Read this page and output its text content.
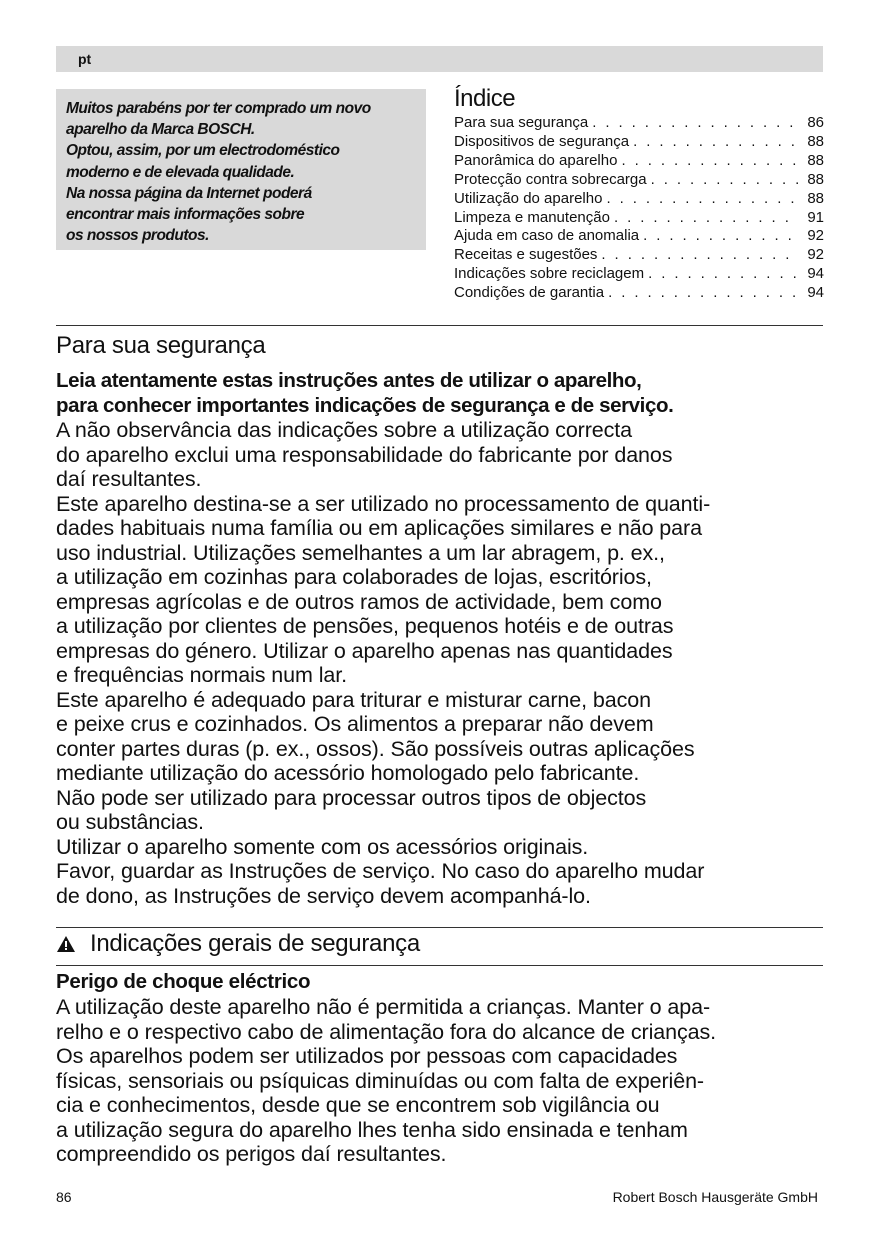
pt

Muitos parabéns por ter comprado um novo

aparelho da Marca BOSCH.

Optou, assim, por um electrodoméstico

moderno e de elevada qualidade.

Na nossa página da Internet poderá

encontrar mais informações sobre

os nossos produtos.

Índice
Para sua segurança . . .	86
Dispositivos de segurança . . .	88
Panorâmica do aparelho . . .	88
Protecção contra sobrecarga . . .	88
Utilização do aparelho . . .	88
Limpeza e manutenção . . .	91
Ajuda em caso de anomalia . . .	92
Receitas e sugestões . . .	92
Indicações sobre reciclagem . . .	94
Condições de garantia . . .	94
Para sua segurança

Leia atentamente estas instruções antes de utilizar o aparelho,
para conhecer importantes indicações de segurança e de serviço.

A não observância das indicações sobre a utilização correcta
do aparelho exclui uma responsabilidade do fabricante por danos
daí resultantes.
Este aparelho destina-se a ser utilizado no processamento de quanti-
dades habituais numa família ou em aplicações similares e não para
uso industrial. Utilizações semelhantes a um lar abragem, p. ex.,
a utilização em cozinhas para colaborades de lojas, escritórios,
empresas agrícolas e de outros ramos de actividade, bem como
a utilização por clientes de pensões, pequenos hotéis e de outras
empresas do género. Utilizar o aparelho apenas nas quantidades
e frequências normais num lar.
Este aparelho é adequado para triturar e misturar carne, bacon
e peixe crus e cozinhados. Os alimentos a preparar não devem
conter partes duras (p. ex., ossos). São possíveis outras aplicações
mediante utilização do acessório homologado pelo fabricante.
Não pode ser utilizado para processar outros tipos de objectos
ou substâncias.
Utilizar o aparelho somente com os acessórios originais.
Favor, guardar as Instruções de serviço. No caso do aparelho mudar
de dono, as Instruções de serviço devem acompanhá-lo.

Indicações gerais de segurança
Perigo de choque eléctrico

A utilização deste aparelho não é permitida a crianças. Manter o apa-
relho e o respectivo cabo de alimentação fora do alcance de crianças.
Os aparelhos podem ser utilizados por pessoas com capacidades
físicas, sensoriais ou psíquicas diminuídas ou com falta de experiên-
cia e conhecimentos, desde que se encontrem sob vigilância ou
a utilização segura do aparelho lhes tenha sido ensinada e tenham
compreendido os perigos daí resultantes.

86	Robert Bosch Hausgeräte GmbH
